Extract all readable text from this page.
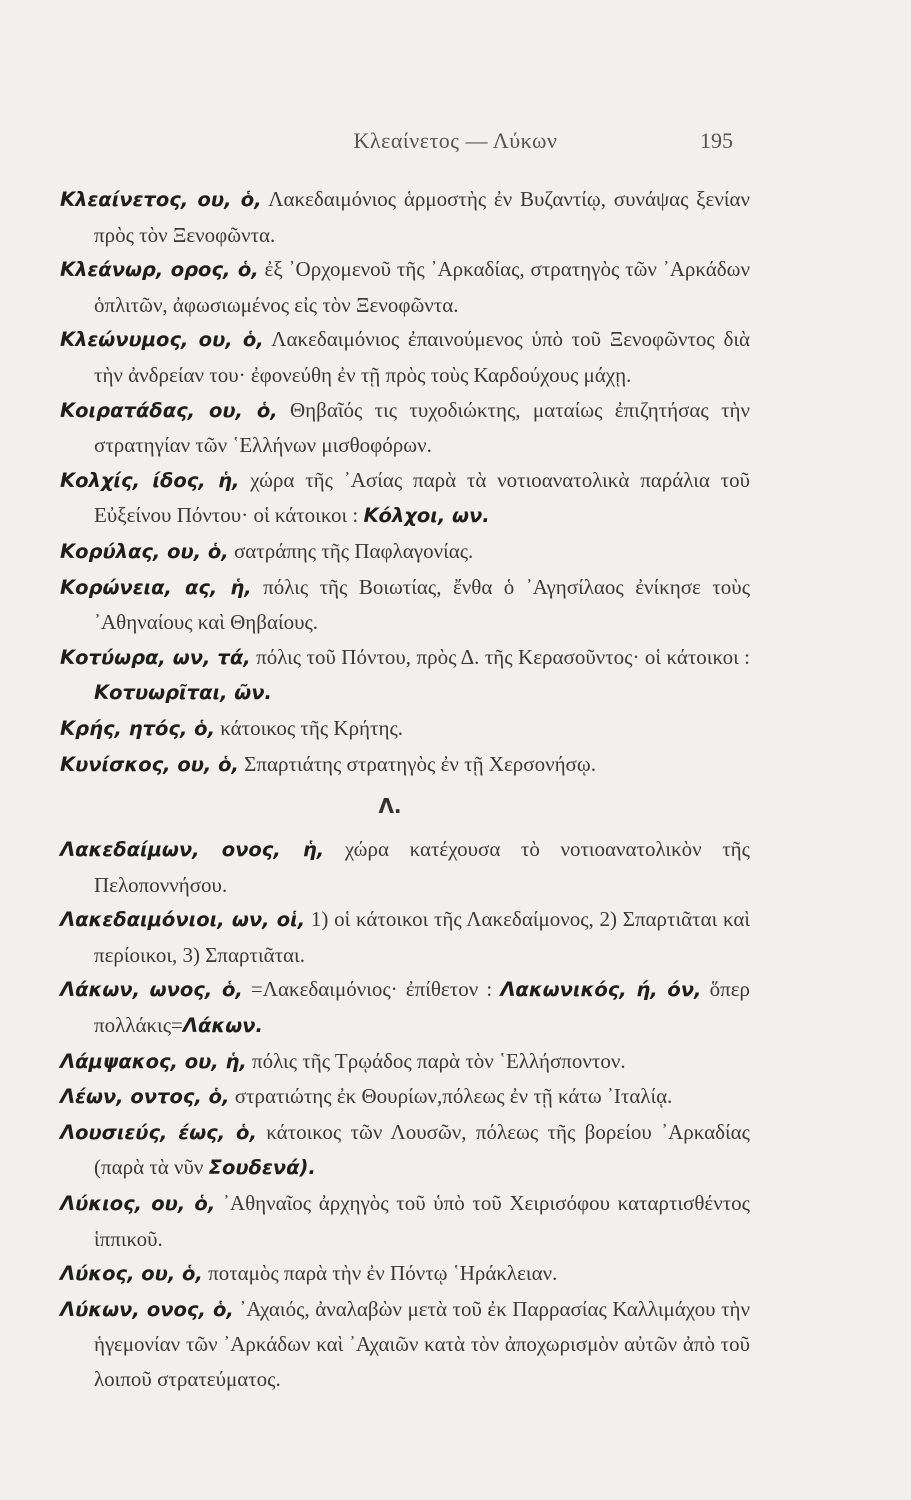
Κλεαίνετος — Λύκων	195
Κλεαίνετος, ου, ὁ, Λακεδαιμόνιος ἁρμοστὴς ἐν Βυζαντίῳ, συνάψας ξενίαν πρὸς τὸν Ξενοφῶντα.
Κλεάνωρ, ορος, ὁ, ἐξ ᾿Ορχομενοῦ τῆς ᾿Αρκαδίας, στρατηγὸς τῶν ᾿Αρκάδων ὁπλιτῶν, ἀφωσιωμένος εἰς τὸν Ξενοφῶντα.
Κλεώνυμος, ου, ὁ, Λακεδαιμόνιος ἐπαινούμενος ὑπὸ τοῦ Ξενοφῶντος διὰ τὴν ἀνδρείαν του· ἐφονεύθη ἐν τῇ πρὸς τοὺς Καρδούχους μάχῃ.
Κοιρατάδας, ου, ὁ, Θηβαῖός τις τυχοδιώκτης, ματαίως ἐπιζητήσας τὴν στρατηγίαν τῶν ῾Ελλήνων μισθοφόρων.
Κολχίς, ίδος, ἡ, χώρα τῆς ᾿Ασίας παρὰ τὰ νοτιοανατολικὰ παράλια τοῦ Εὐξείνου Πόντου· οἱ κάτοικοι : Κόλχοι, ων.
Κορύλας, ου, ὁ, σατράπης τῆς Παφλαγονίας.
Κορώνεια, ας, ἡ, πόλις τῆς Βοιωτίας, ἔνθα ὁ ᾿Αγησίλαος ἐνίκησε τοὺς ᾿Αθηναίους καὶ Θηβαίους.
Κοτύωρα, ων, τά, πόλις τοῦ Πόντου, πρὸς Δ. τῆς Κερασοῦντος· οἱ κάτοικοι : Κοτυωρῖται, ῶν.
Κρής, ητός, ὁ, κάτοικος τῆς Κρήτης.
Κυνίσκος, ου, ὁ, Σπαρτιάτης στρατηγὸς ἐν τῇ Χερσονήσῳ.
Λ.
Λακεδαίμων, ονος, ἡ, χώρα κατέχουσα τὸ νοτιοανατολικὸν τῆς Πελοποννήσου.
Λακεδαιμόνιοι, ων, οἱ, 1) οἱ κάτοικοι τῆς Λακεδαίμονος, 2) Σπαρτιᾶται καὶ περίοικοι, 3) Σπαρτιᾶται.
Λάκων, ωνος, ὁ, =Λακεδαιμόνιος· ἐπίθετον : Λακωνικός, ή, όν, ὅπερ πολλάκις=Λάκων.
Λάμψακος, ου, ἡ, πόλις τῆς Τρῳάδος παρὰ τὸν ῾Ελλήσποντον.
Λέων, οντος, ὁ, στρατιώτης ἐκ Θουρίων,πόλεως ἐν τῇ κάτω ᾿Ιταλίᾳ.
Λουσιεύς, έως, ὁ, κάτοικος τῶν Λουσῶν, πόλεως τῆς βορείου ᾿Αρκαδίας (παρὰ τὰ νῦν Σουδενά).
Λύκιος, ου, ὁ, ᾿Αθηναῖος ἀρχηγὸς τοῦ ὑπὸ τοῦ Χειρισόφου καταρτισθέντος ἱππικοῦ.
Λύκος, ου, ὁ, ποταμὸς παρὰ τὴν ἐν Πόντῳ ῾Ηράκλειαν.
Λύκων, ονος, ὁ, ᾿Αχαιός, ἀναλαβὼν μετὰ τοῦ ἐκ Παρρασίας Καλλιμάχου τὴν ἡγεμονίαν τῶν ᾿Αρκάδων καὶ ᾿Αχαιῶν κατὰ τὸν ἀποχωρισμὸν αὐτῶν ἀπὸ τοῦ λοιποῦ στρατεύματος.
